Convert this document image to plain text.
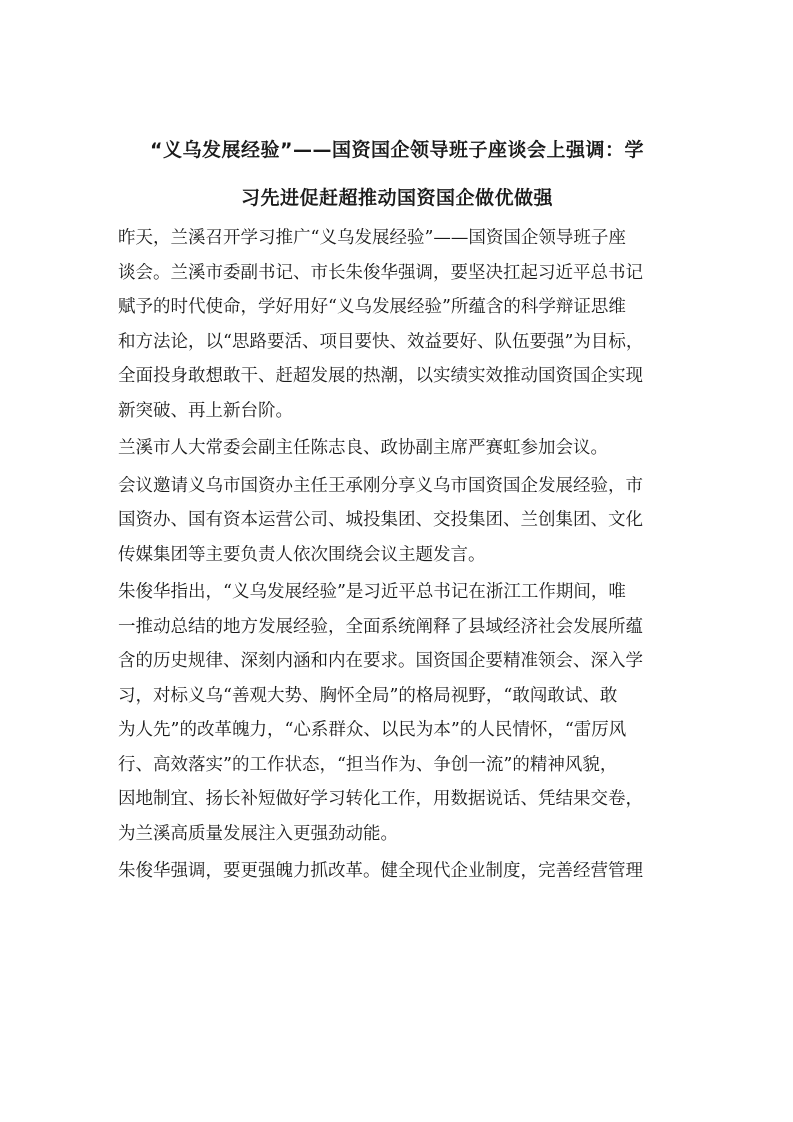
“义乌发展经验”——国资国企领导班子座谈会上强调：学
习先进促赶超推动国资国企做优做强
昨天，兰溪召开学习推广“义乌发展经验”——国资国企领导班子座
谈会。兰溪市委副书记、市长朱俊华强调，要坚决扛起习近平总书记
赋予的时代使命，学好用好“义乌发展经验”所蕴含的科学辩证思维
和方法论，以“思路要活、项目要快、效益要好、队伍要强”为目标，
全面投身敢想敢干、赶超发展的热潮，以实绩实效推动国资国企实现
新突破、再上新台阶。
兰溪市人大常委会副主任陈志良、政协副主席严赛虹参加会议。
会议邀请义乌市国资办主任王承刚分享义乌市国资国企发展经验，市
国资办、国有资本运营公司、城投集团、交投集团、兰创集团、文化
传媒集团等主要负责人依次围绕会议主题发言。
朱俊华指出，“义乌发展经验”是习近平总书记在浙江工作期间，唯
一推动总结的地方发展经验，全面系统阐释了县域经济社会发展所蕴
含的历史规律、深刻内涵和内在要求。国资国企要精准领会、深入学
习，对标义乌“善观大势、胸怀全局”的格局视野，“敢闯敢试、敢
为人先”的改革魄力，“心系群众、以民为本”的人民情怀，“雷厉风
行、高效落实”的工作状态，“担当作为、争创一流”的精神风貌，
因地制宜、扬长补短做好学习转化工作，用数据说话、凭结果交卷，
为兰溪高质量发展注入更强劲动能。
朱俊华强调，要更强魄力抓改革。健全现代企业制度，完善经营管理
